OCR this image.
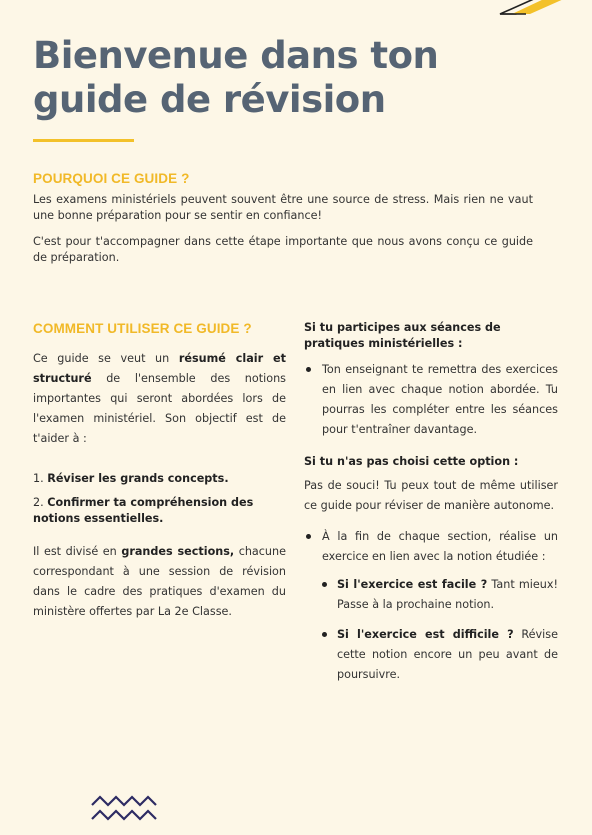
Bienvenue dans ton
guide de révision
POURQUOI CE GUIDE ?

Les examens ministériels peuvent souvent être une source de stress. Mais rien ne vaut une bonne préparation pour se sentir en confiance!

C'est pour t'accompagner dans cette étape importante que nous avons conçu ce guide de préparation.

COMMENT UTILISER CE GUIDE ?

Ce guide se veut un résumé clair et structuré de l'ensemble des notions importantes qui seront abordées lors de l'examen ministériel. Son objectif est de t'aider à :

1. Réviser les grands concepts.

2. Confirmer ta compréhension des notions essentielles.

Il est divisé en grandes sections, chacune correspondant à une session de révision dans le cadre des pratiques d'examen du ministère offertes par La 2e Classe.

Si tu participes aux séances de pratiques ministérielles :

Ton enseignant te remettra des exercices en lien avec chaque notion abordée. Tu pourras les compléter entre les séances pour t'entraîner davantage.

Si tu n'as pas choisi cette option :

Pas de souci! Tu peux tout de même utiliser ce guide pour réviser de manière autonome.

À la fin de chaque section, réalise un exercice en lien avec la notion étudiée :
Si l'exercice est facile ? Tant mieux! Passe à la prochaine notion.
Si l'exercice est difficile ? Révise cette notion encore un peu avant de poursuivre.
